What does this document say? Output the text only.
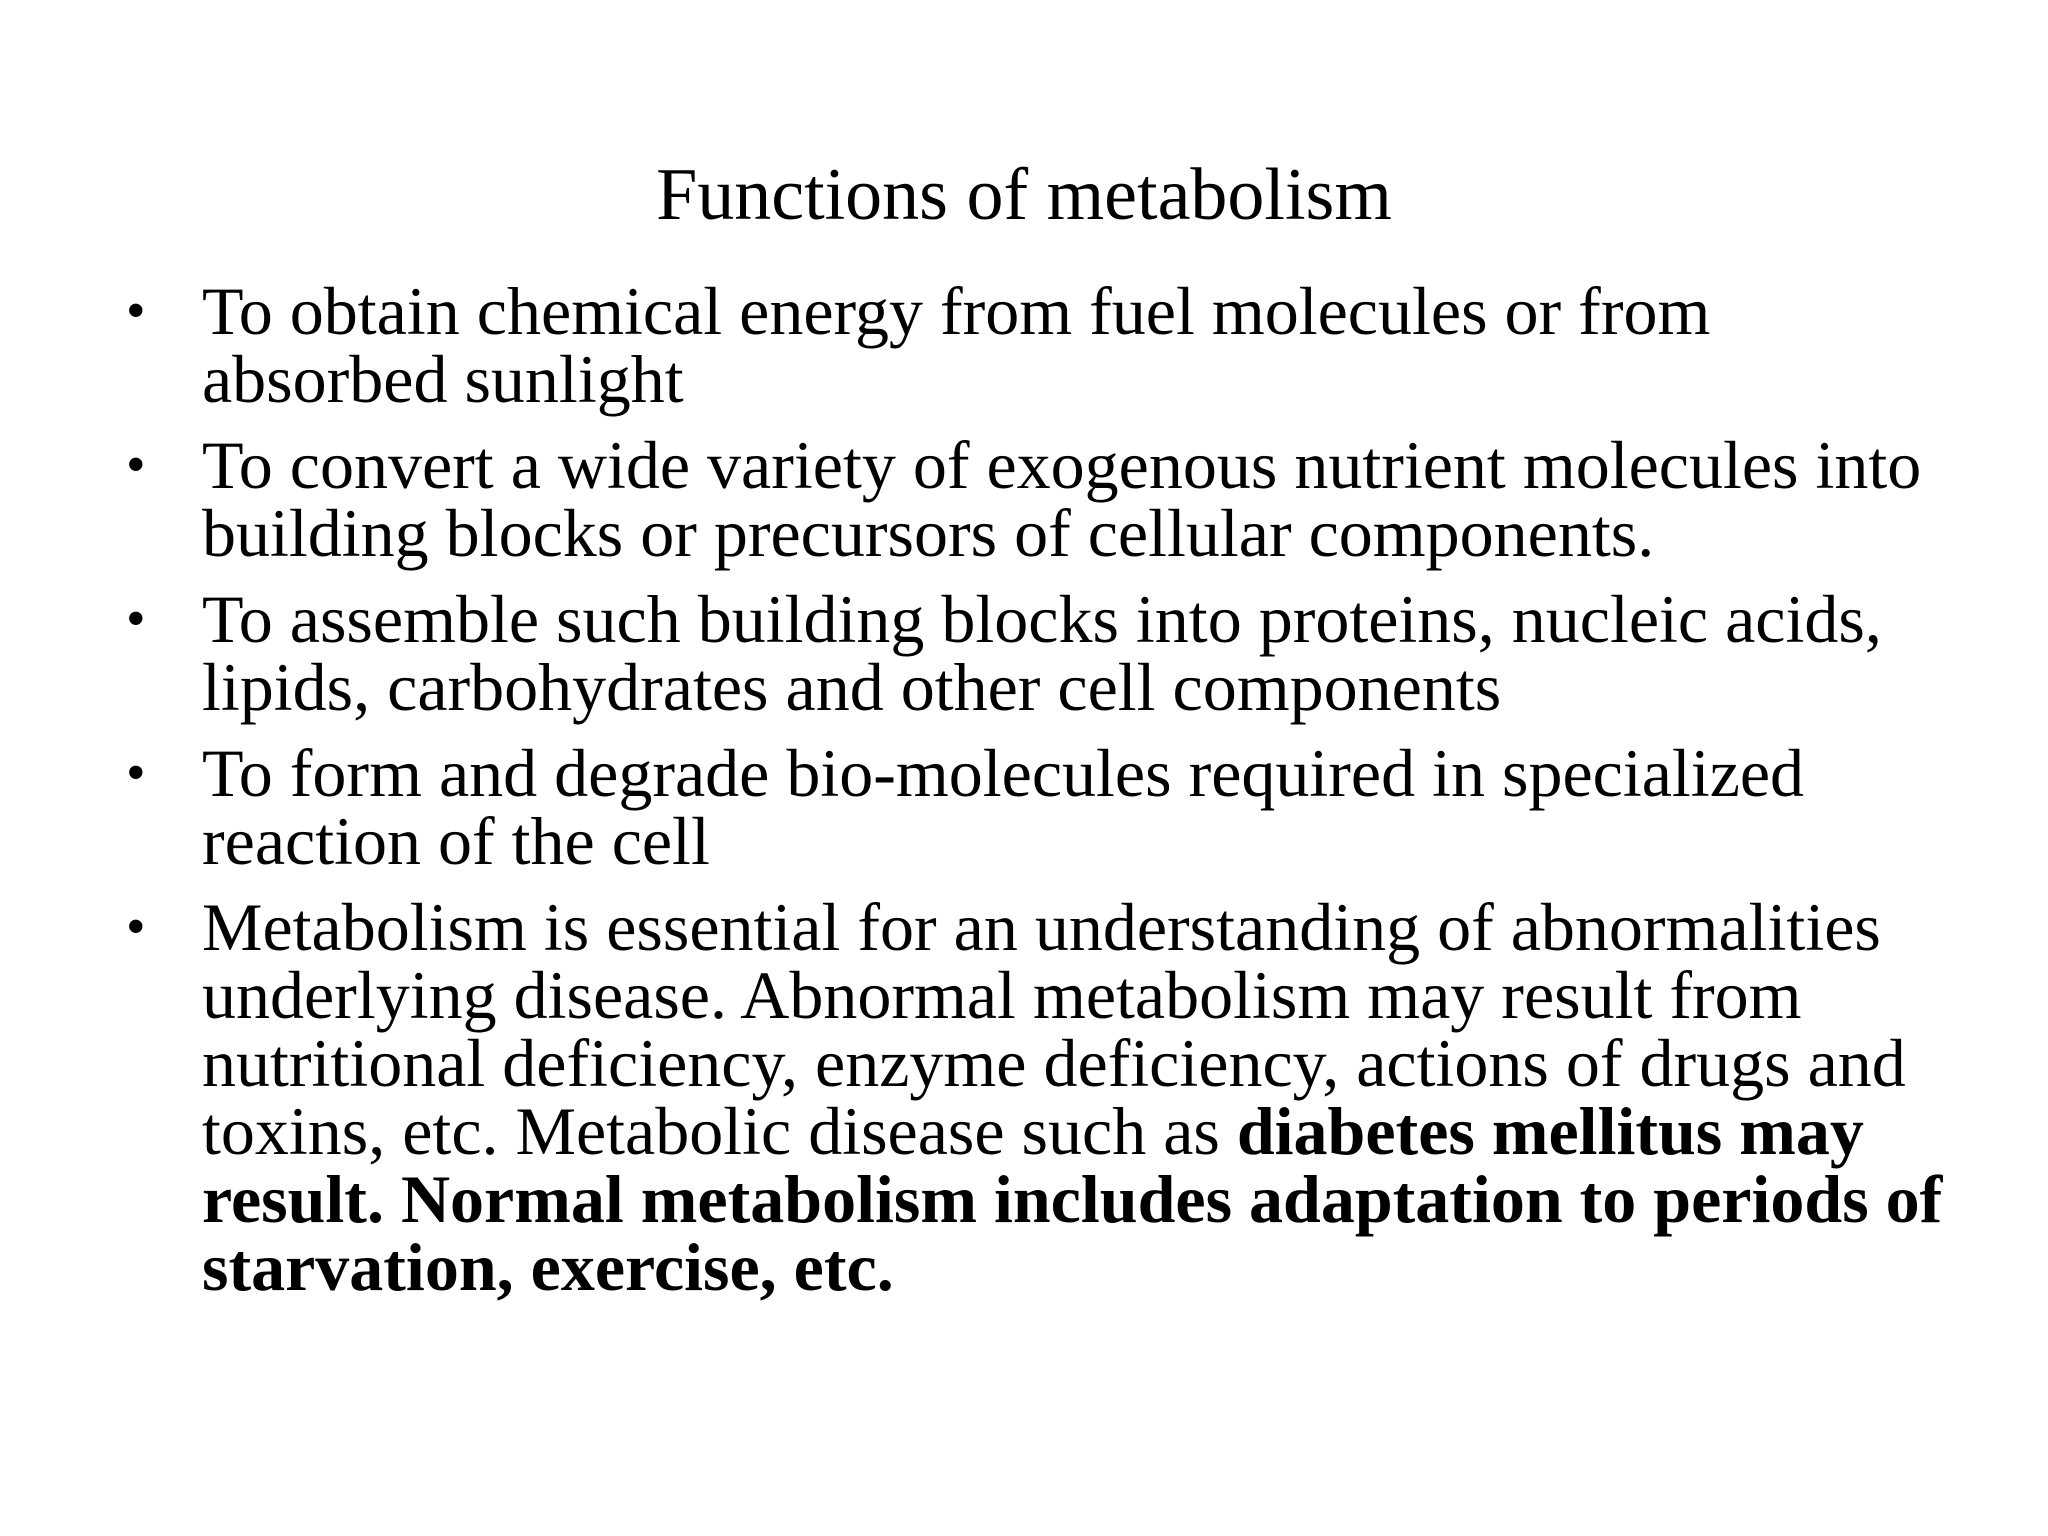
Functions of metabolism
• To obtain chemical energy from fuel molecules or from absorbed sunlight
• To convert a wide variety of exogenous nutrient molecules into building blocks or precursors of cellular components.
• To assemble such building blocks into proteins, nucleic acids, lipids, carbohydrates and other cell components
• To form and degrade bio-molecules required in specialized reaction of the cell
• Metabolism is essential for an understanding of abnormalities underlying disease. Abnormal metabolism may result from nutritional deficiency, enzyme deficiency, actions of drugs and toxins, etc. Metabolic disease such as diabetes mellitus may result. Normal metabolism includes adaptation to periods of starvation, exercise, etc.
